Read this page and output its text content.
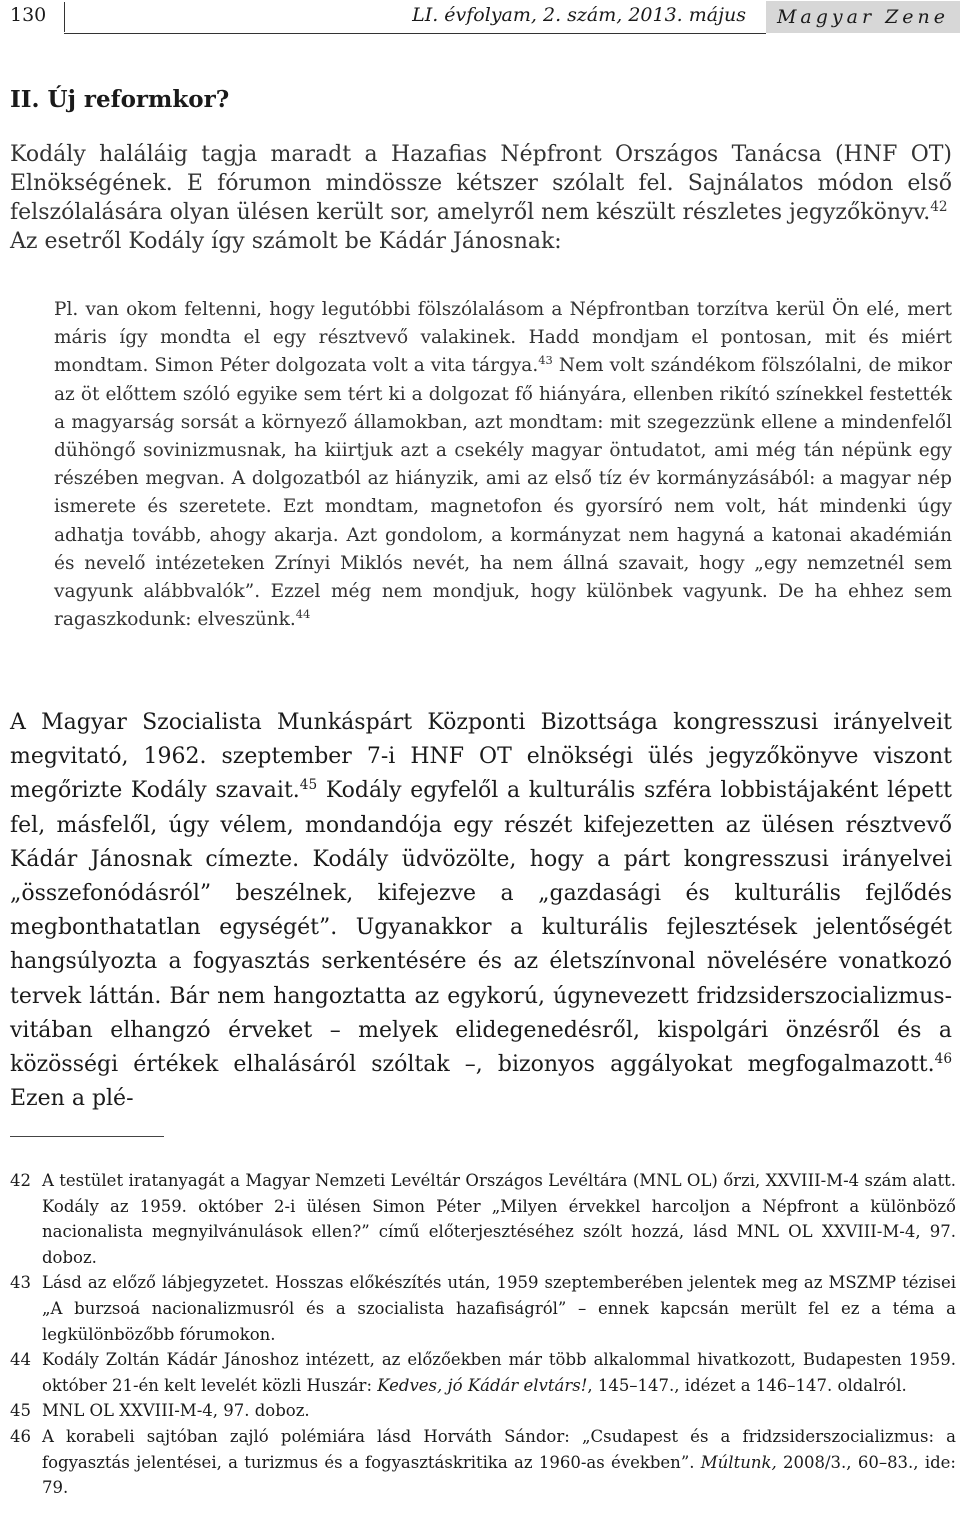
130	LI. évfolyam, 2. szám, 2013. május	Magyar Zene
II. Új reformkor?

Kodály haláláig tagja maradt a Hazafias Népfront Országos Tanácsa (HNF OT) Elnökségének. E fórumon mindössze kétszer szólalt fel. Sajnálatos módon első felszólalására olyan ülésen került sor, amelyről nem készült részletes jegyzőkönyv.$^{42}$
Az esetről Kodály így számolt be Kádár Jánosnak:

Pl. van okom feltenni, hogy legutóbbi fölszólalásom a Népfrontban torzítva kerül Ön elé, mert máris így mondta el egy résztvevő valakinek. Hadd mondjam el pontosan, mit és miért mondtam. Simon Péter dolgozata volt a vita tárgya.$^{43}$ Nem volt szándékom fölszólalni, de mikor az öt előttem szóló egyike sem tért ki a dolgozat fő hiányára, ellenben rikító színekkel festették a magyarság sorsát a környező államokban, azt mondtam: mit szegezzünk ellene a mindenfelől dühöngő sovinizmusnak, ha kiirtjuk azt a csekély magyar öntudatot, ami még tán népünk egy részében megvan. A dolgozatból az hiányzik, ami az első tíz év kormányzásából: a magyar nép ismerete és szeretete. Ezt mondtam, magnetofon és gyorsíró nem volt, hát mindenki úgy adhatja tovább, ahogy akarja. Azt gondolom, a kormányzat nem hagyná a katonai akadémián és nevelő intézeteken Zrínyi Miklós nevét, ha nem állná szavait, hogy „egy nemzetnél sem vagyunk alábbvalók”. Ezzel még nem mondjuk, hogy különbek vagyunk. De ha ehhez sem ragaszkodunk: elveszünk.$^{44}$

A Magyar Szocialista Munkáspárt Központi Bizottsága kongresszusi irányelveit megvitató, 1962. szeptember 7-i HNF OT elnökségi ülés jegyzőkönyve viszont megőrizte Kodály szavait.$^{45}$ Kodály egyfelől a kulturális szféra lobbistájaként lépett fel, másfelől, úgy vélem, mondandója egy részét kifejezetten az ülésen résztvevő Kádár Jánosnak címezte. Kodály üdvözölte, hogy a párt kongresszusi irányelvei „összefonódásról” beszélnek, kifejezve a „gazdasági és kulturális fejlődés megbonthatatlan egységét”. Ugyanakkor a kulturális fejlesztések jelentőségét hangsúlyozta a fogyasztás serkentésére és az életszínvonal növelésére vonatkozó tervek láttán. Bár nem hangoztatta az egykorú, úgynevezett fridzsiderszocializmus-vitában elhangzó érveket – melyek elidegenedésről, kispolgári önzésről és a közösségi értékek elhalásáról szóltak –, bizonyos aggályokat megfogalmazott.$^{46}$ Ezen a plé-

42 A testület iratanyagát a Magyar Nemzeti Levéltár Országos Levéltára (MNL OL) őrzi, XXVIII-M-4 szám alatt. Kodály az 1959. október 2-i ülésen Simon Péter „Milyen érvekkel harcoljon a Népfront a különböző nacionalista megnyilvánulások ellen?” című előterjesztéséhez szólt hozzá, lásd MNL OL XXVIII-M-4, 97. doboz.
43 Lásd az előző lábjegyzetet. Hosszas előkészítés után, 1959 szeptemberében jelentek meg az MSZMP tézisei „A burzsoá nacionalizmusról és a szocialista hazafiságról” – ennek kapcsán merült fel ez a téma a legkülönbözőbb fórumokon.
44 Kodály Zoltán Kádár Jánoshoz intézett, az előzőekben már több alkalommal hivatkozott, Budapesten 1959. október 21-én kelt levelét közli Huszár: Kedves, jó Kádár elvtárs!, 145–147., idézet a 146–147. oldalról.
45 MNL OL XXVIII-M-4, 97. doboz.
46 A korabeli sajtóban zajló polémiára lásd Horváth Sándor: „Csudapest és a fridzsiderszocializmus: a fogyasztás jelentései, a turizmus és a fogyasztáskritika az 1960-as években”. Múltunk, 2008/3., 60–83., ide: 79.
